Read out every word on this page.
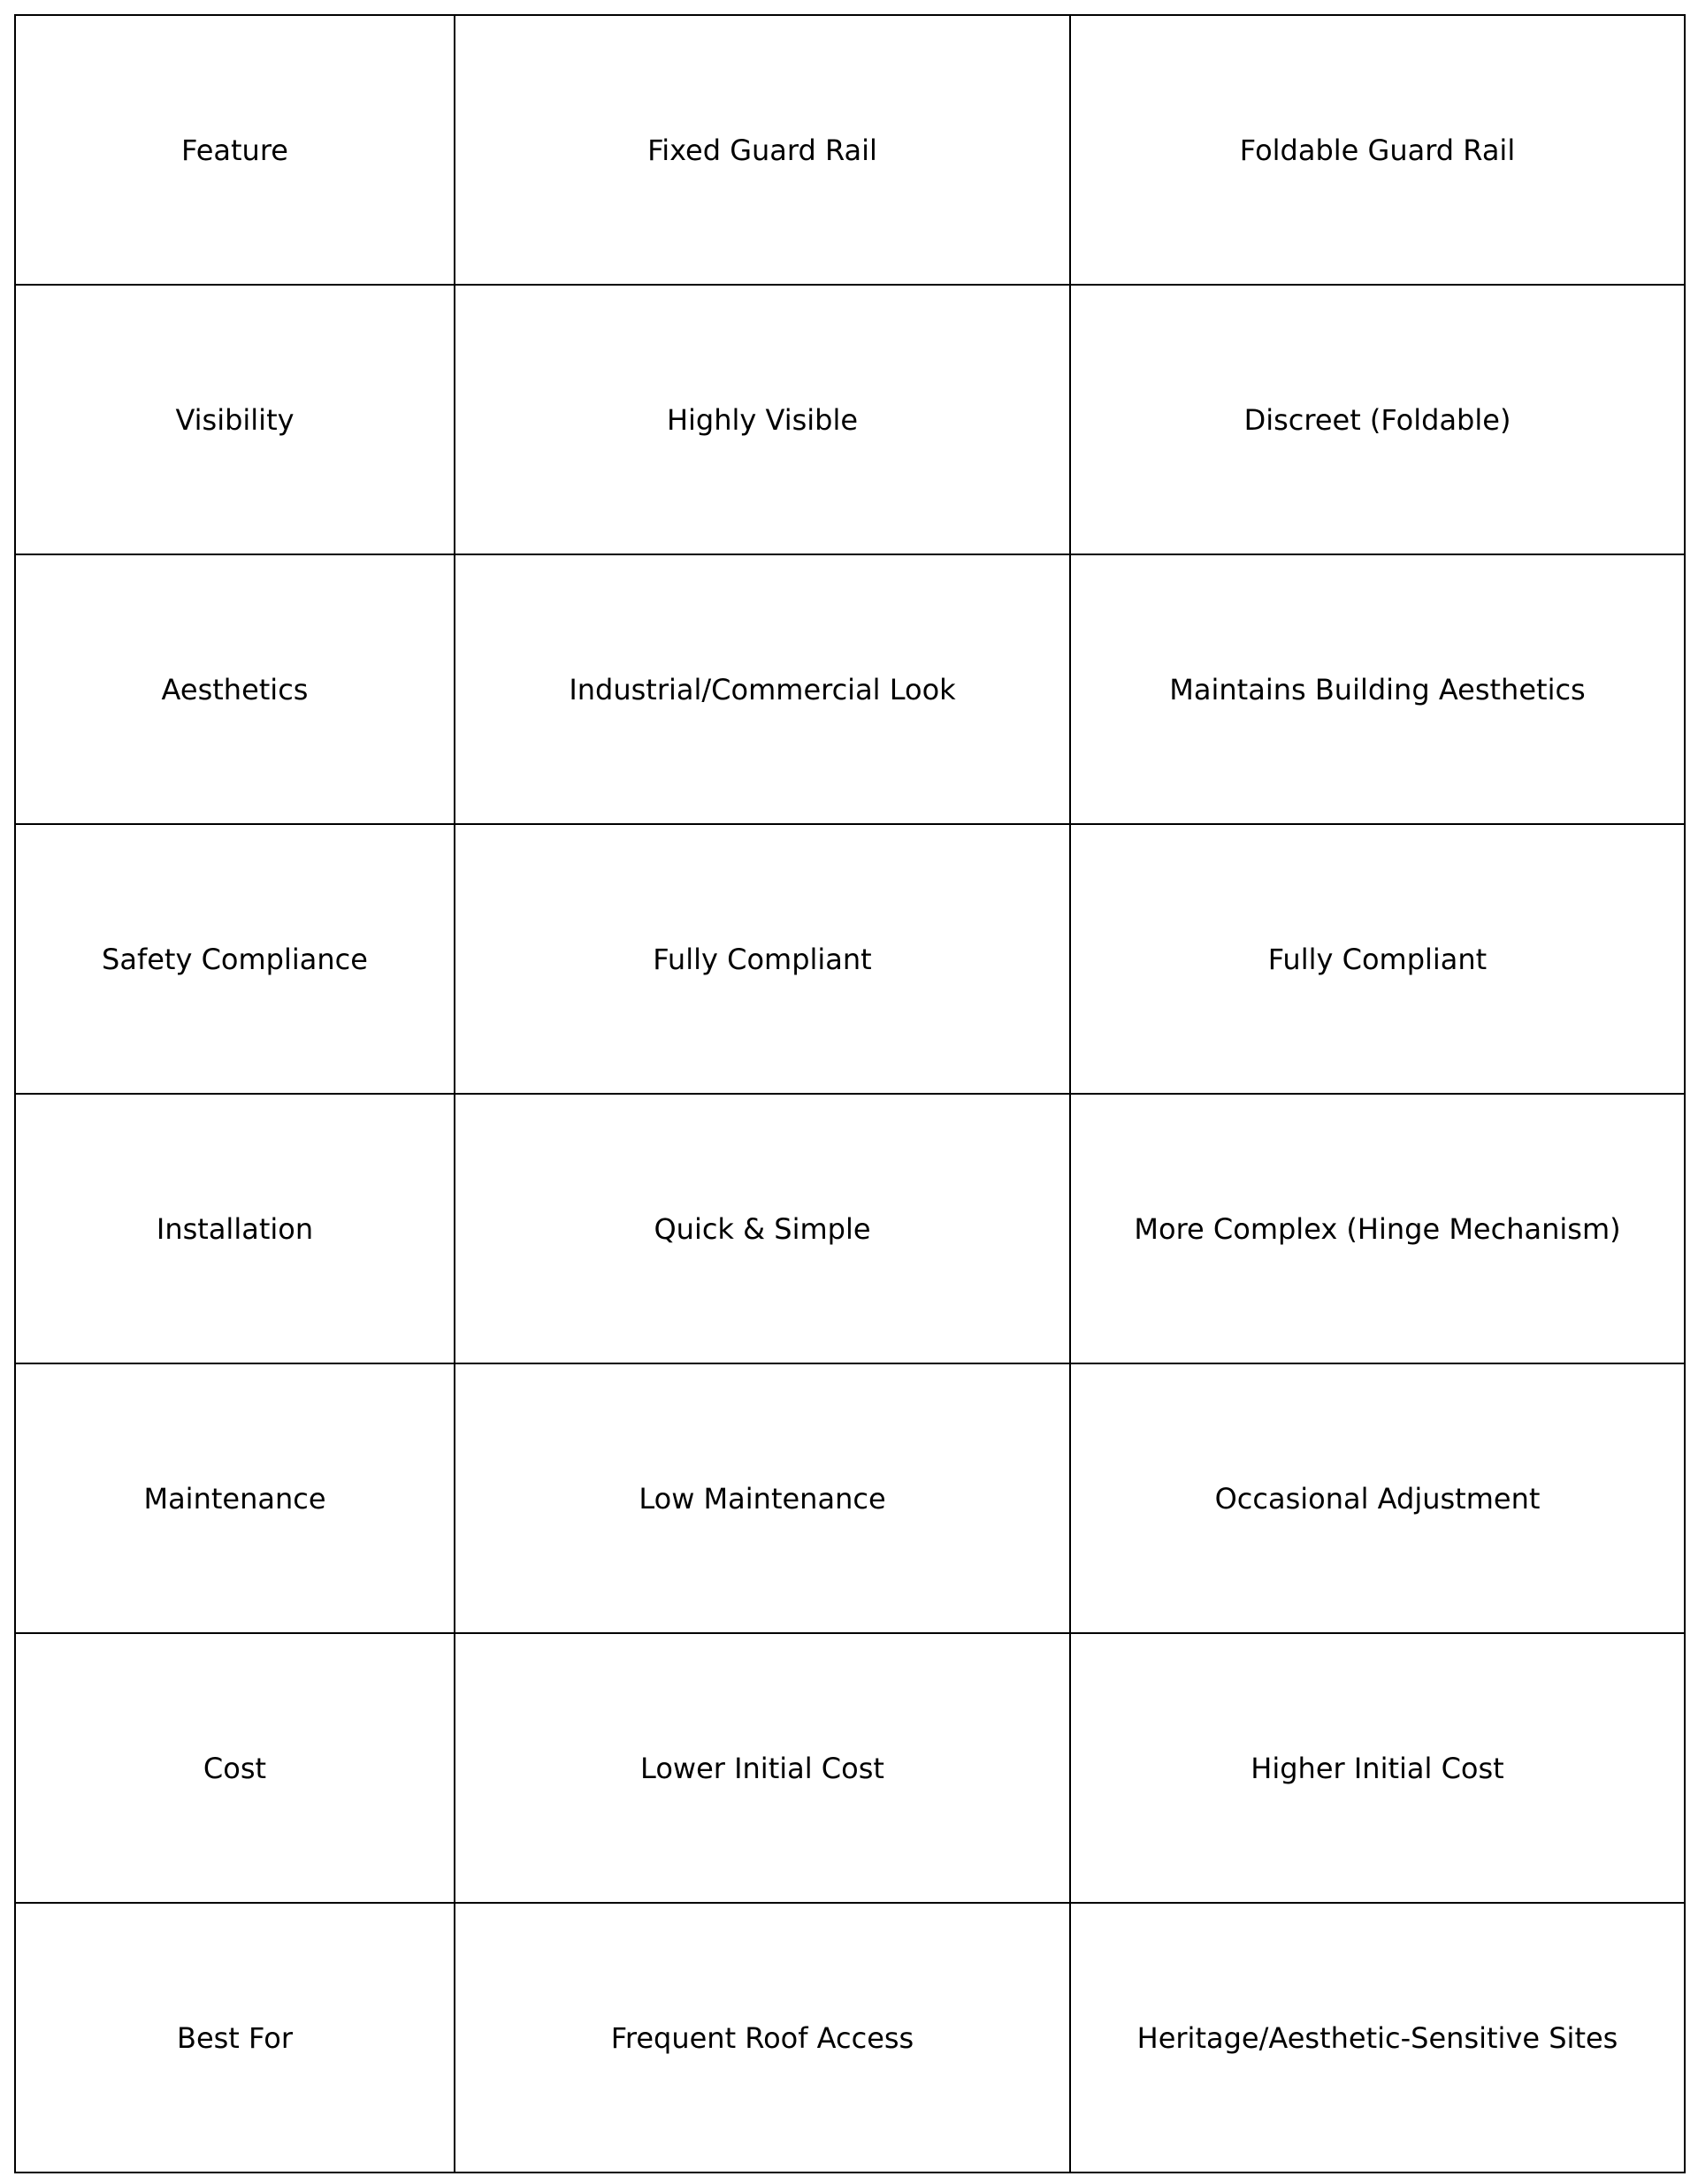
Feature	Fixed Guard Rail	Foldable Guard Rail
Visibility	Highly Visible	Discreet (Foldable)
Aesthetics	Industrial/Commercial Look	Maintains Building Aesthetics
Safety Compliance	Fully Compliant	Fully Compliant
Installation	Quick & Simple	More Complex (Hinge Mechanism)
Maintenance	Low Maintenance	Occasional Adjustment
Cost	Lower Initial Cost	Higher Initial Cost
Best For	Frequent Roof Access	Heritage/Aesthetic-Sensitive Sites
